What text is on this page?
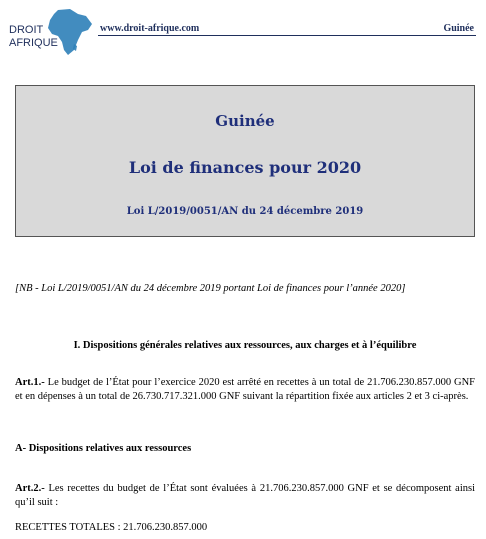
DROIT
AFRIQUE
www.droit-afrique.com	Guinée
Guinée
Loi de finances pour 2020
Loi L/2019/0051/AN du 24 décembre 2019
[NB - Loi L/2019/0051/AN du 24 décembre 2019 portant Loi de finances pour l’année 2020]
I. Dispositions générales relatives aux ressources, aux charges et à l’équilibre
Art.1.- Le budget de l’État pour l’exercice 2020 est arrêté en recettes à un total de 21.706.230.857.000 GNF et en dépenses à un total de 26.730.717.321.000 GNF suivant la répartition fixée aux articles 2 et 3 ci-après.
A- Dispositions relatives aux ressources
Art.2.- Les recettes du budget de l’État sont évaluées à 21.706.230.857.000 GNF et se décomposent ainsi qu’il suit :
RECETTES TOTALES : 21.706.230.857.000
